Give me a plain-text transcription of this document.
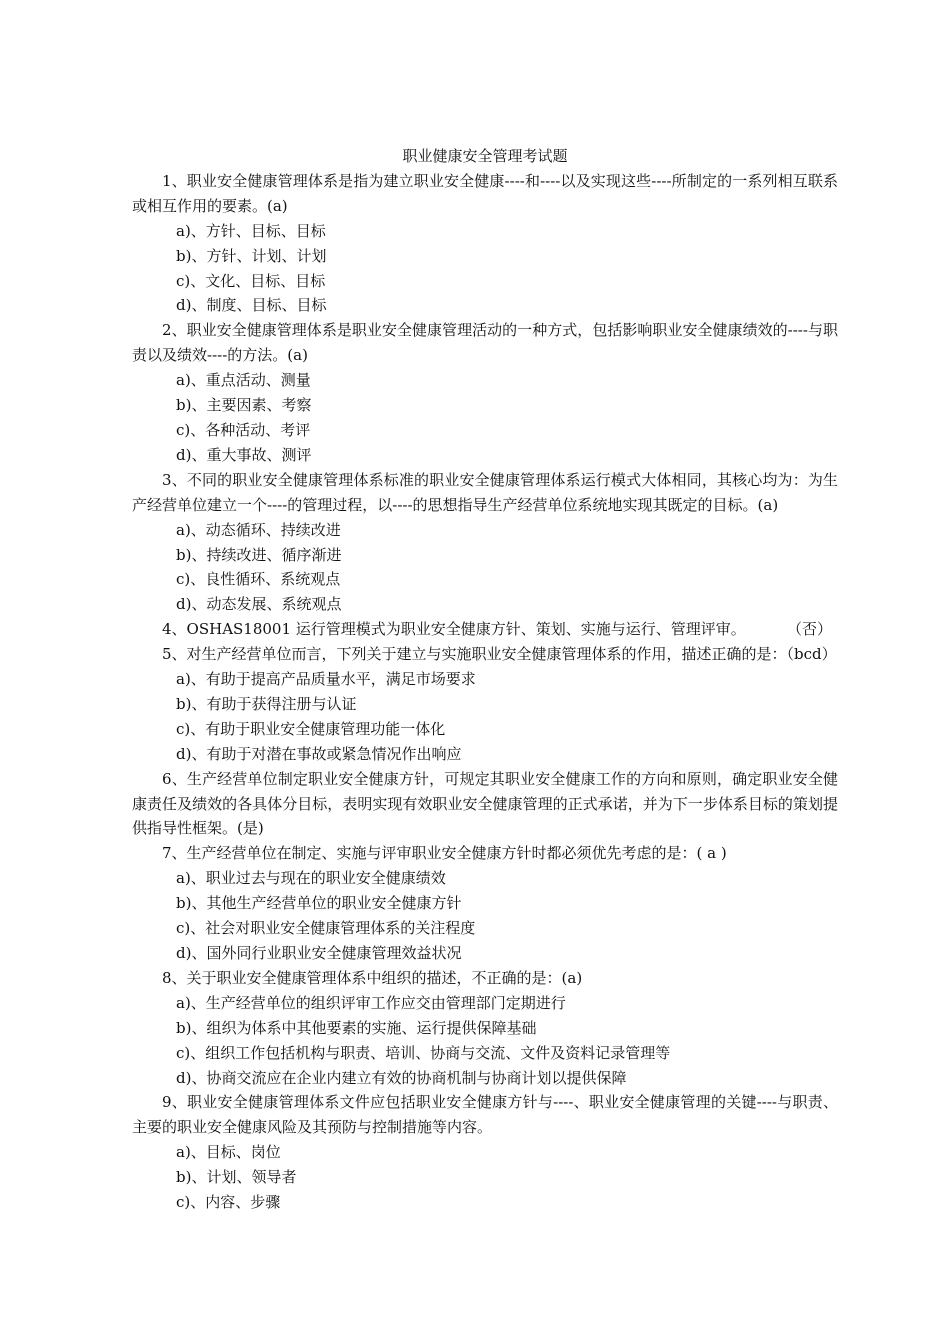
职业健康安全管理考试题

1、职业安全健康管理体系是指为建立职业安全健康----和----以及实现这些----所制定的一系列相互联系或相互作用的要素。(a)

a)、方针、目标、目标

b)、方针、计划、计划

c)、文化、目标、目标

d)、制度、目标、目标

2、职业安全健康管理体系是职业安全健康管理活动的一种方式，包括影响职业安全健康绩效的----与职责以及绩效----的方法。(a)

a)、重点活动、测量

b)、主要因素、考察

c)、各种活动、考评

d)、重大事故、测评

3、不同的职业安全健康管理体系标准的职业安全健康管理体系运行模式大体相同，其核心均为：为生产经营单位建立一个----的管理过程，以----的思想指导生产经营单位系统地实现其既定的目标。(a)

a)、动态循环、持续改进

b)、持续改进、循序渐进

c)、良性循环、系统观点

d)、动态发展、系统观点

4、OSHAS18001 运行管理模式为职业安全健康方针、策划、实施与运行、管理评审。	（否）

5、对生产经营单位而言，下列关于建立与实施职业安全健康管理体系的作用，描述正确的是：（bcd）

a)、有助于提高产品质量水平，满足市场要求

b)、有助于获得注册与认证

c)、有助于职业安全健康管理功能一体化

d)、有助于对潜在事故或紧急情况作出响应

6、生产经营单位制定职业安全健康方针，可规定其职业安全健康工作的方向和原则，确定职业安全健康责任及绩效的各具体分目标，表明实现有效职业安全健康管理的正式承诺，并为下一步体系目标的策划提供指导性框架。(是)

7、生产经营单位在制定、实施与评审职业安全健康方针时都必须优先考虑的是：( a )

a)、职业过去与现在的职业安全健康绩效

b)、其他生产经营单位的职业安全健康方针

c)、社会对职业安全健康管理体系的关注程度

d)、国外同行业职业安全健康管理效益状况

8、关于职业安全健康管理体系中组织的描述，不正确的是：(a)

a)、生产经营单位的组织评审工作应交由管理部门定期进行

b)、组织为体系中其他要素的实施、运行提供保障基础

c)、组织工作包括机构与职责、培训、协商与交流、文件及资料记录管理等

d)、协商交流应在企业内建立有效的协商机制与协商计划以提供保障

9、职业安全健康管理体系文件应包括职业安全健康方针与----、职业安全健康管理的关键----与职责、主要的职业安全健康风险及其预防与控制措施等内容。

a)、目标、岗位

b)、计划、领导者

c)、内容、步骤
